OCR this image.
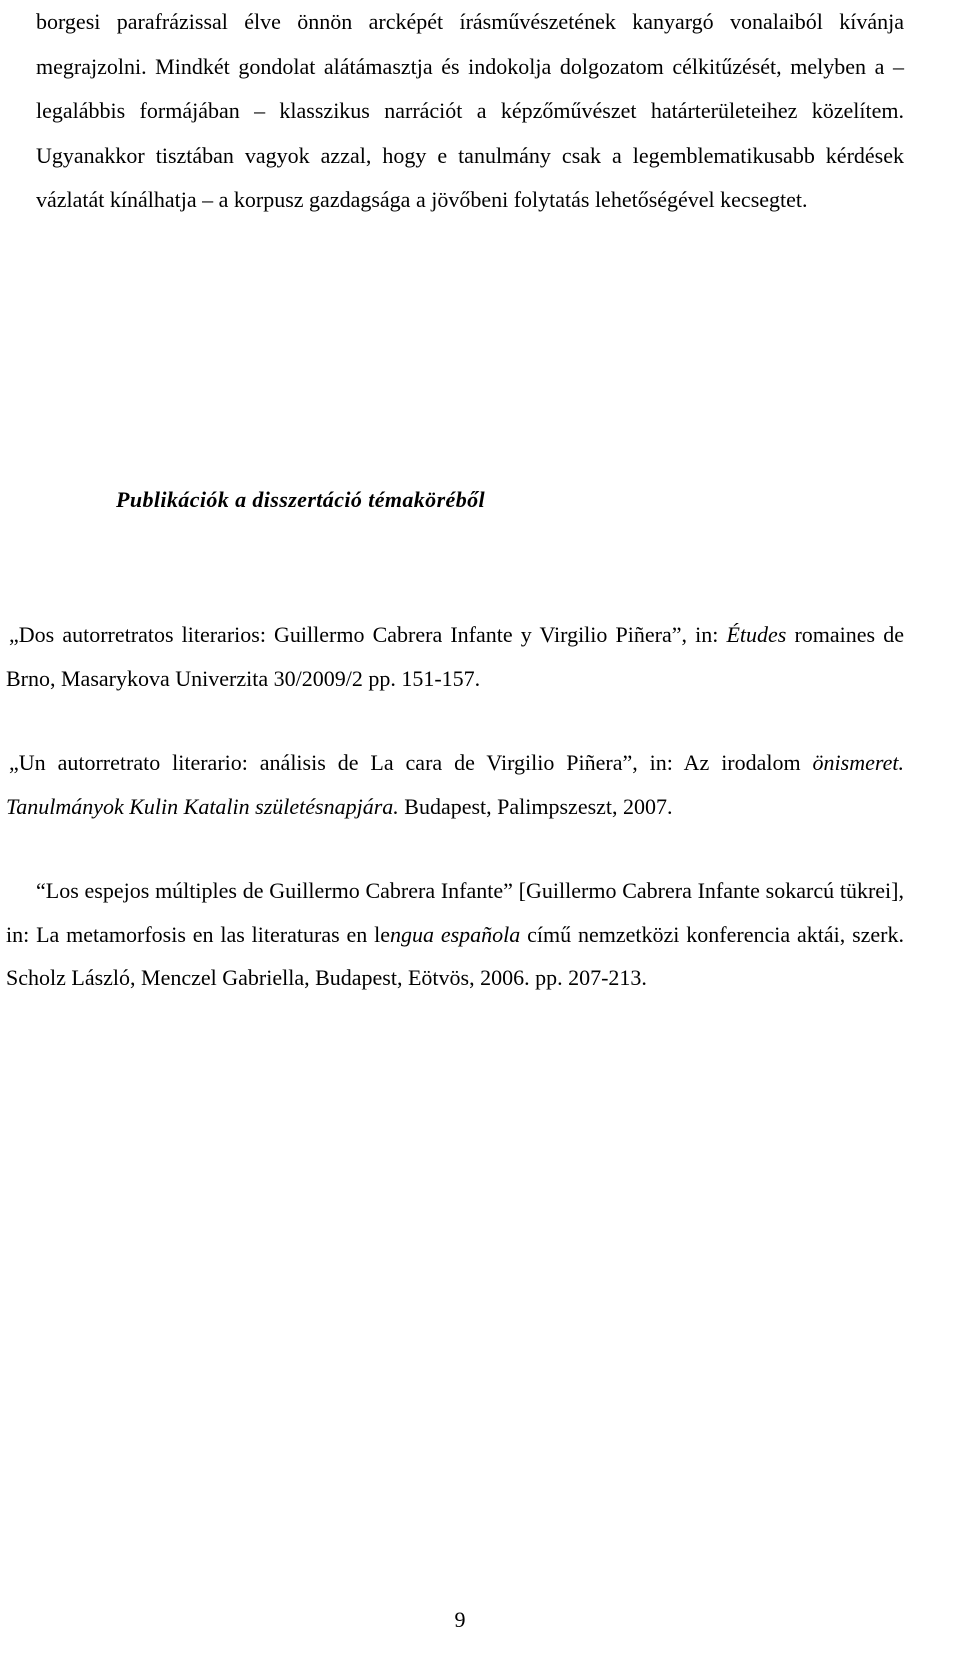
borgesi parafrázissal élve önnön arcképét írásművészetének kanyargó vonalaiból kívánja megrajzolni. Mindkét gondolat alátámasztja és indokolja dolgozatom célkitűzését, melyben a – legalábbis formájában – klasszikus narrációt a képzőművészet határterületeihez közelítem. Ugyanakkor tisztában vagyok azzal, hogy e tanulmány csak a legemblematikusabb kérdések vázlatát kínálhatja – a korpusz gazdagsága a jövőbeni folytatás lehetőségével kecsegtet.

Publikációk a disszertáció témaköréből
„Dos autorretratos literarios: Guillermo Cabrera Infante y Virgilio Piñera”, in: Études romaines de Brno, Masarykova Univerzita 30/2009/2 pp. 151-157.
„Un autorretrato literario: análisis de La cara de Virgilio Piñera”, in: Az irodalom önismeret. Tanulmányok Kulin Katalin születésnapjára. Budapest, Palimpszeszt, 2007.
“Los espejos múltiples de Guillermo Cabrera Infante” [Guillermo Cabrera Infante sokarcú tükrei], in: La metamorfosis en las literaturas en lengua española című nemzetközi konferencia aktái, szerk. Scholz László, Menczel Gabriella, Budapest, Eötvös, 2006. pp. 207-213.

9
